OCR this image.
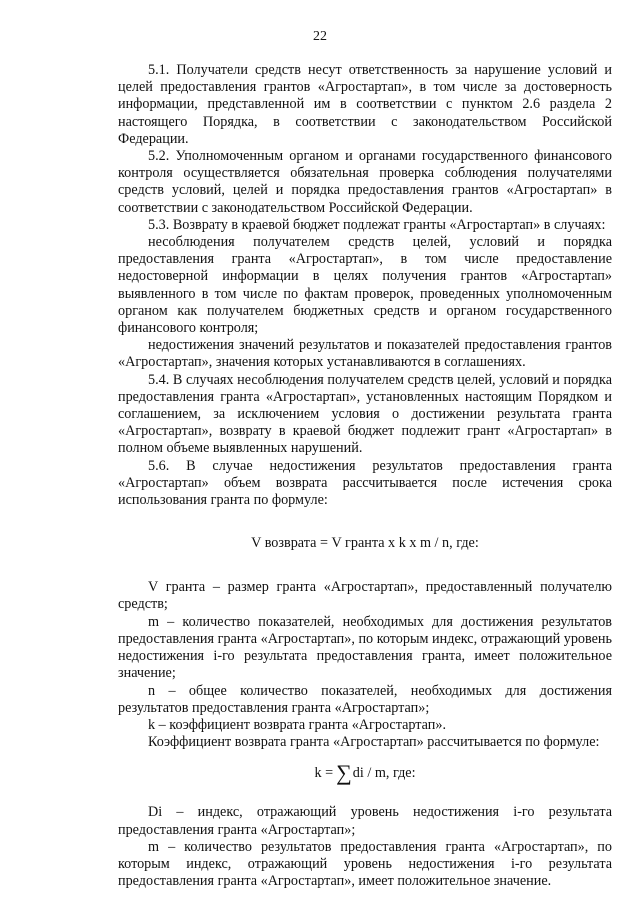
22

5.1. Получатели средств несут ответственность за нарушение условий и целей предоставления грантов «Агростартап», в том числе за достоверность информации, представленной им в соответствии с пунктом 2.6 раздела 2 настоящего Порядка, в соответствии с законодательством Российской Федерации.

5.2. Уполномоченным органом и органами государственного финансового контроля осуществляется обязательная проверка соблюдения получателями средств условий, целей и порядка предоставления грантов «Агростартап» в соответствии с законодательством Российской Федерации.

5.3. Возврату в краевой бюджет подлежат гранты «Агростартап» в случаях:

несоблюдения получателем средств целей, условий и порядка предоставления гранта «Агростартап», в том числе предоставление недостоверной информации в целях получения грантов «Агростартап» выявленного в том числе по фактам проверок, проведенных уполномоченным органом как получателем бюджетных средств и органом государственного финансового контроля;

недостижения значений результатов и показателей предоставления грантов «Агростартап», значения которых устанавливаются в соглашениях.

5.4. В случаях несоблюдения получателем средств целей, условий и порядка предоставления гранта «Агростартап», установленных настоящим Порядком и соглашением, за исключением условия о достижении результата гранта «Агростартап», возврату в краевой бюджет подлежит грант «Агростартап» в полном объеме выявленных нарушений.

5.6. В случае недостижения результатов предоставления гранта «Агростартап» объем возврата рассчитывается после истечения срока использования гранта по формуле:

V возврата = V гранта х k х m / n, где:

V гранта – размер гранта «Агростартап», предоставленный получателю средств;

m – количество показателей, необходимых для достижения результатов предоставления гранта «Агростартап», по которым индекс, отражающий уровень недостижения i-го результата предоставления гранта, имеет положительное значение;

n – общее количество показателей, необходимых для достижения результатов предоставления гранта «Агростартап»;

k – коэффициент возврата гранта «Агростартап».

Коэффициент возврата гранта «Агростартап» рассчитывается по формуле:

k = ∑ di / m, где:

Di – индекс, отражающий уровень недостижения i-го результата предоставления гранта «Агростартап»;

m – количество результатов предоставления гранта «Агростартап», по которым индекс, отражающий уровень недостижения i-го результата предоставления гранта «Агростартап», имеет положительное значение.
